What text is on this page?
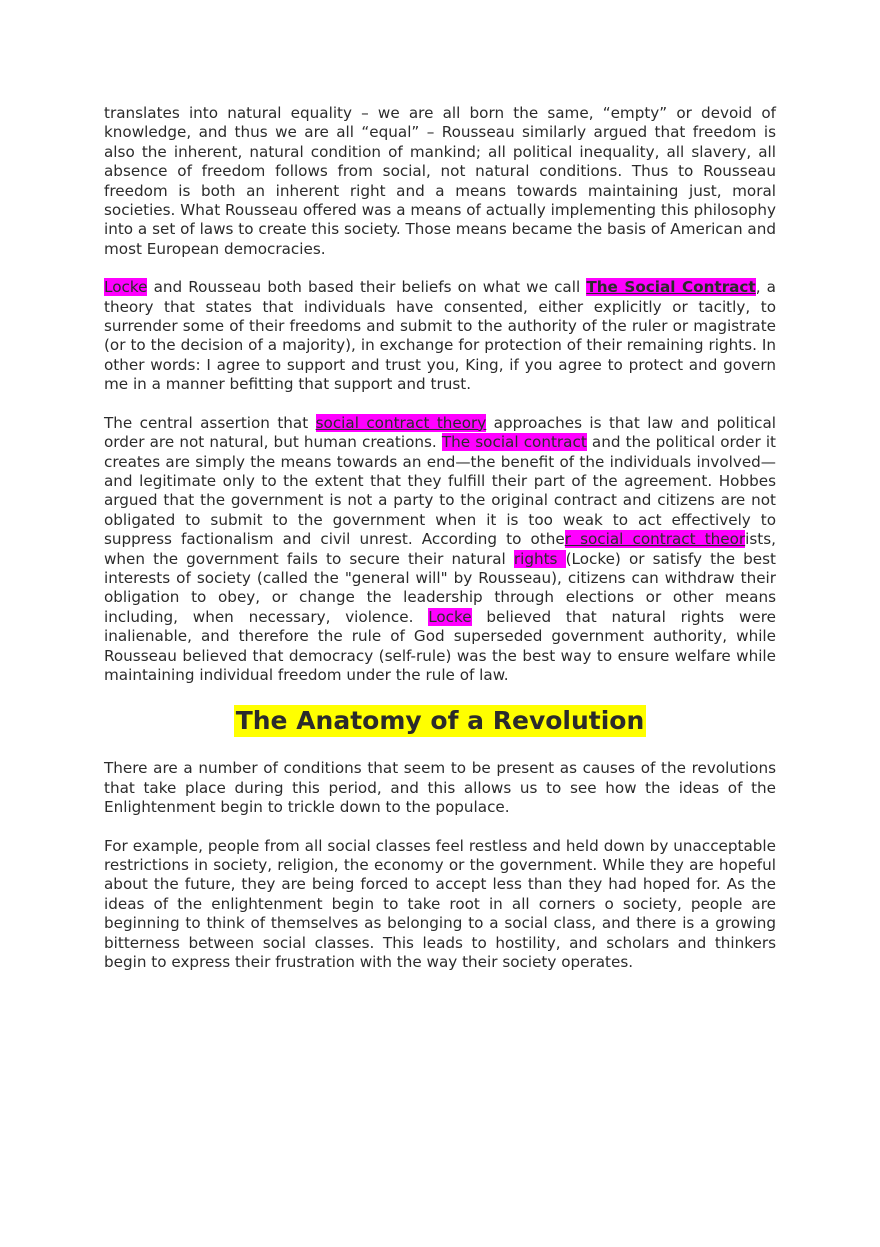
translates into natural equality – we are all born the same, “empty” or devoid of knowledge, and thus we are all “equal” – Rousseau similarly argued that freedom is also the inherent, natural condition of mankind; all political inequality, all slavery, all absence of freedom follows from social, not natural conditions. Thus to Rousseau freedom is both an inherent right and a means towards maintaining just, moral societies. What Rousseau offered was a means of actually implementing this philosophy into a set of laws to create this society. Those means became the basis of American and most European democracies.

Locke and Rousseau both based their beliefs on what we call The Social Contract, a theory that states that individuals have consented, either explicitly or tacitly, to surrender some of their freedoms and submit to the authority of the ruler or magistrate (or to the decision of a majority), in exchange for protection of their remaining rights. In other words: I agree to support and trust you, King, if you agree to protect and govern me in a manner befitting that support and trust.

The central assertion that social contract theory approaches is that law and political order are not natural, but human creations. The social contract and the political order it creates are simply the means towards an end—the benefit of the individuals involved—and legitimate only to the extent that they fulfill their part of the agreement. Hobbes argued that the government is not a party to the original contract and citizens are not obligated to submit to the government when it is too weak to act effectively to suppress factionalism and civil unrest. According to other social contract theorists, when the government fails to secure their natural rights (Locke) or satisfy the best interests of society (called the "general will" by Rousseau), citizens can withdraw their obligation to obey, or change the leadership through elections or other means including, when necessary, violence. Locke believed that natural rights were inalienable, and therefore the rule of God superseded government authority, while Rousseau believed that democracy (self-rule) was the best way to ensure welfare while maintaining individual freedom under the rule of law.

The Anatomy of a Revolution

There are a number of conditions that seem to be present as causes of the revolutions that take place during this period, and this allows us to see how the ideas of the Enlightenment begin to trickle down to the populace.

For example, people from all social classes feel restless and held down by unacceptable restrictions in society, religion, the economy or the government. While they are hopeful about the future, they are being forced to accept less than they had hoped for. As the ideas of the enlightenment begin to take root in all corners o society, people are beginning to think of themselves as belonging to a social class, and there is a growing bitterness between social classes. This leads to hostility, and scholars and thinkers begin to express their frustration with the way their society operates.
